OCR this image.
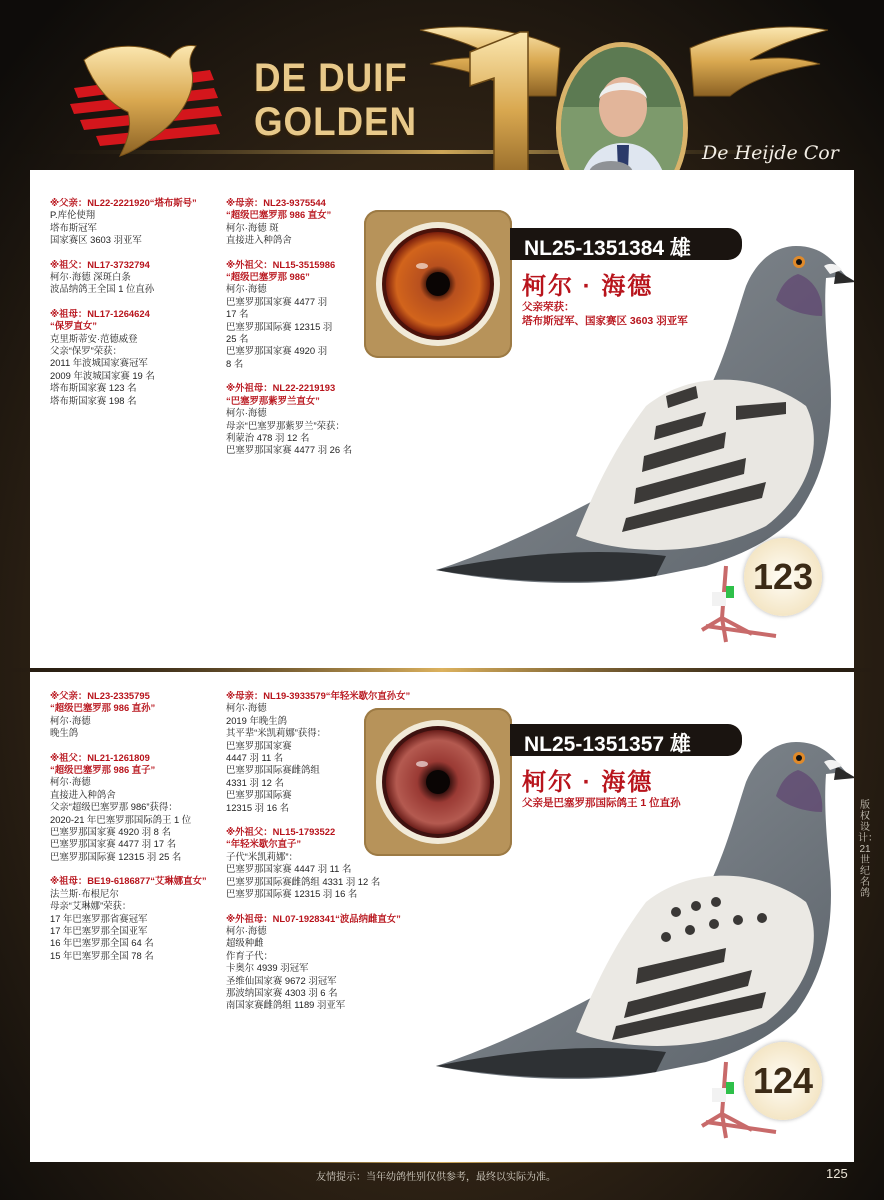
DE DUIF
GOLDEN
De Heijde Cor
※父亲：NL22-2221920“塔布斯号”
P.库伦使翔
塔布斯冠军
国家赛区 3603 羽亚军
※祖父：NL17-3732794
柯尔·海德 深斑白条
波品纳鸽王全国 1 位直孙
※祖母：NL17-1264624
“保罗直女”
克里斯蒂安·范德威登
父亲“保罗”荣获：
2011 年波城国家赛冠军
2009 年波城国家赛 19 名
塔布斯国家赛 123 名
塔布斯国家赛 198 名
※母亲：NL23-9375544
“超级巴塞罗那 986 直女”
柯尔·海德 斑
直接进入种鸽舍
※外祖父：NL15-3515986
“超级巴塞罗那 986”
柯尔·海德
巴塞罗那国家赛 4477 羽
17 名
巴塞罗那国际赛 12315 羽
25 名
巴塞罗那国家赛 4920 羽
8 名
※外祖母：NL22-2219193
“巴塞罗那紫罗兰直女”
柯尔·海德
母亲“巴塞罗那紫罗兰”荣获：
利蒙治 478 羽 12 名
巴塞罗那国家赛 4477 羽 26 名
NL25-1351384 雄
柯尔 · 海德
父亲荣获：
塔布斯冠军、国家赛区 3603 羽亚军
123
※父亲：NL23-2335795
“超级巴塞罗那 986 直孙”
柯尔·海德
晚生鸽
※祖父：NL21-1261809
“超级巴塞罗那 986 直子”
柯尔·海德
直接进入种鸽舍
父亲“超级巴塞罗那 986”获得：
2020-21 年巴塞罗那国际鸽王 1 位
巴塞罗那国家赛 4920 羽 8 名
巴塞罗那国家赛 4477 羽 17 名
巴塞罗那国际赛 12315 羽 25 名
※祖母：BE19-6186877“艾琳娜直女”
法兰斯·布根尼尔
母亲“艾琳娜”荣获：
17 年巴塞罗那省赛冠军
17 年巴塞罗那全国亚军
16 年巴塞罗那全国 64 名
15 年巴塞罗那全国 78 名
※母亲：NL19-3933579“年轻米歇尔直孙女”
柯尔·海德
2019 年晚生鸽
其平辈“米凯莉娜”获得：
巴塞罗那国家赛
4447 羽 11 名
巴塞罗那国际赛雌鸽组
4331 羽 12 名
巴塞罗那国际赛
12315 羽 16 名
※外祖父：NL15-1793522
“年轻米歇尔直子”
子代“米凯莉娜”：
巴塞罗那国家赛 4447 羽 11 名
巴塞罗那国际赛雌鸽组 4331 羽 12 名
巴塞罗那国际赛 12315 羽 16 名
※外祖母：NL07-1928341“波品纳雌直女”
柯尔·海德
超级种雌
作育子代：
卡奥尔 4939 羽冠军
圣维仙国家赛 9672 羽冠军
那波纳国家赛 4303 羽 6 名
南国家赛雌鸽组 1189 羽亚军
NL25-1351357 雄
柯尔 · 海德
父亲是巴塞罗那国际鸽王 1 位直孙
124
版权设计：21世纪名鸽
友情提示：当年幼鸽性别仅供参考，最终以实际为准。	125
